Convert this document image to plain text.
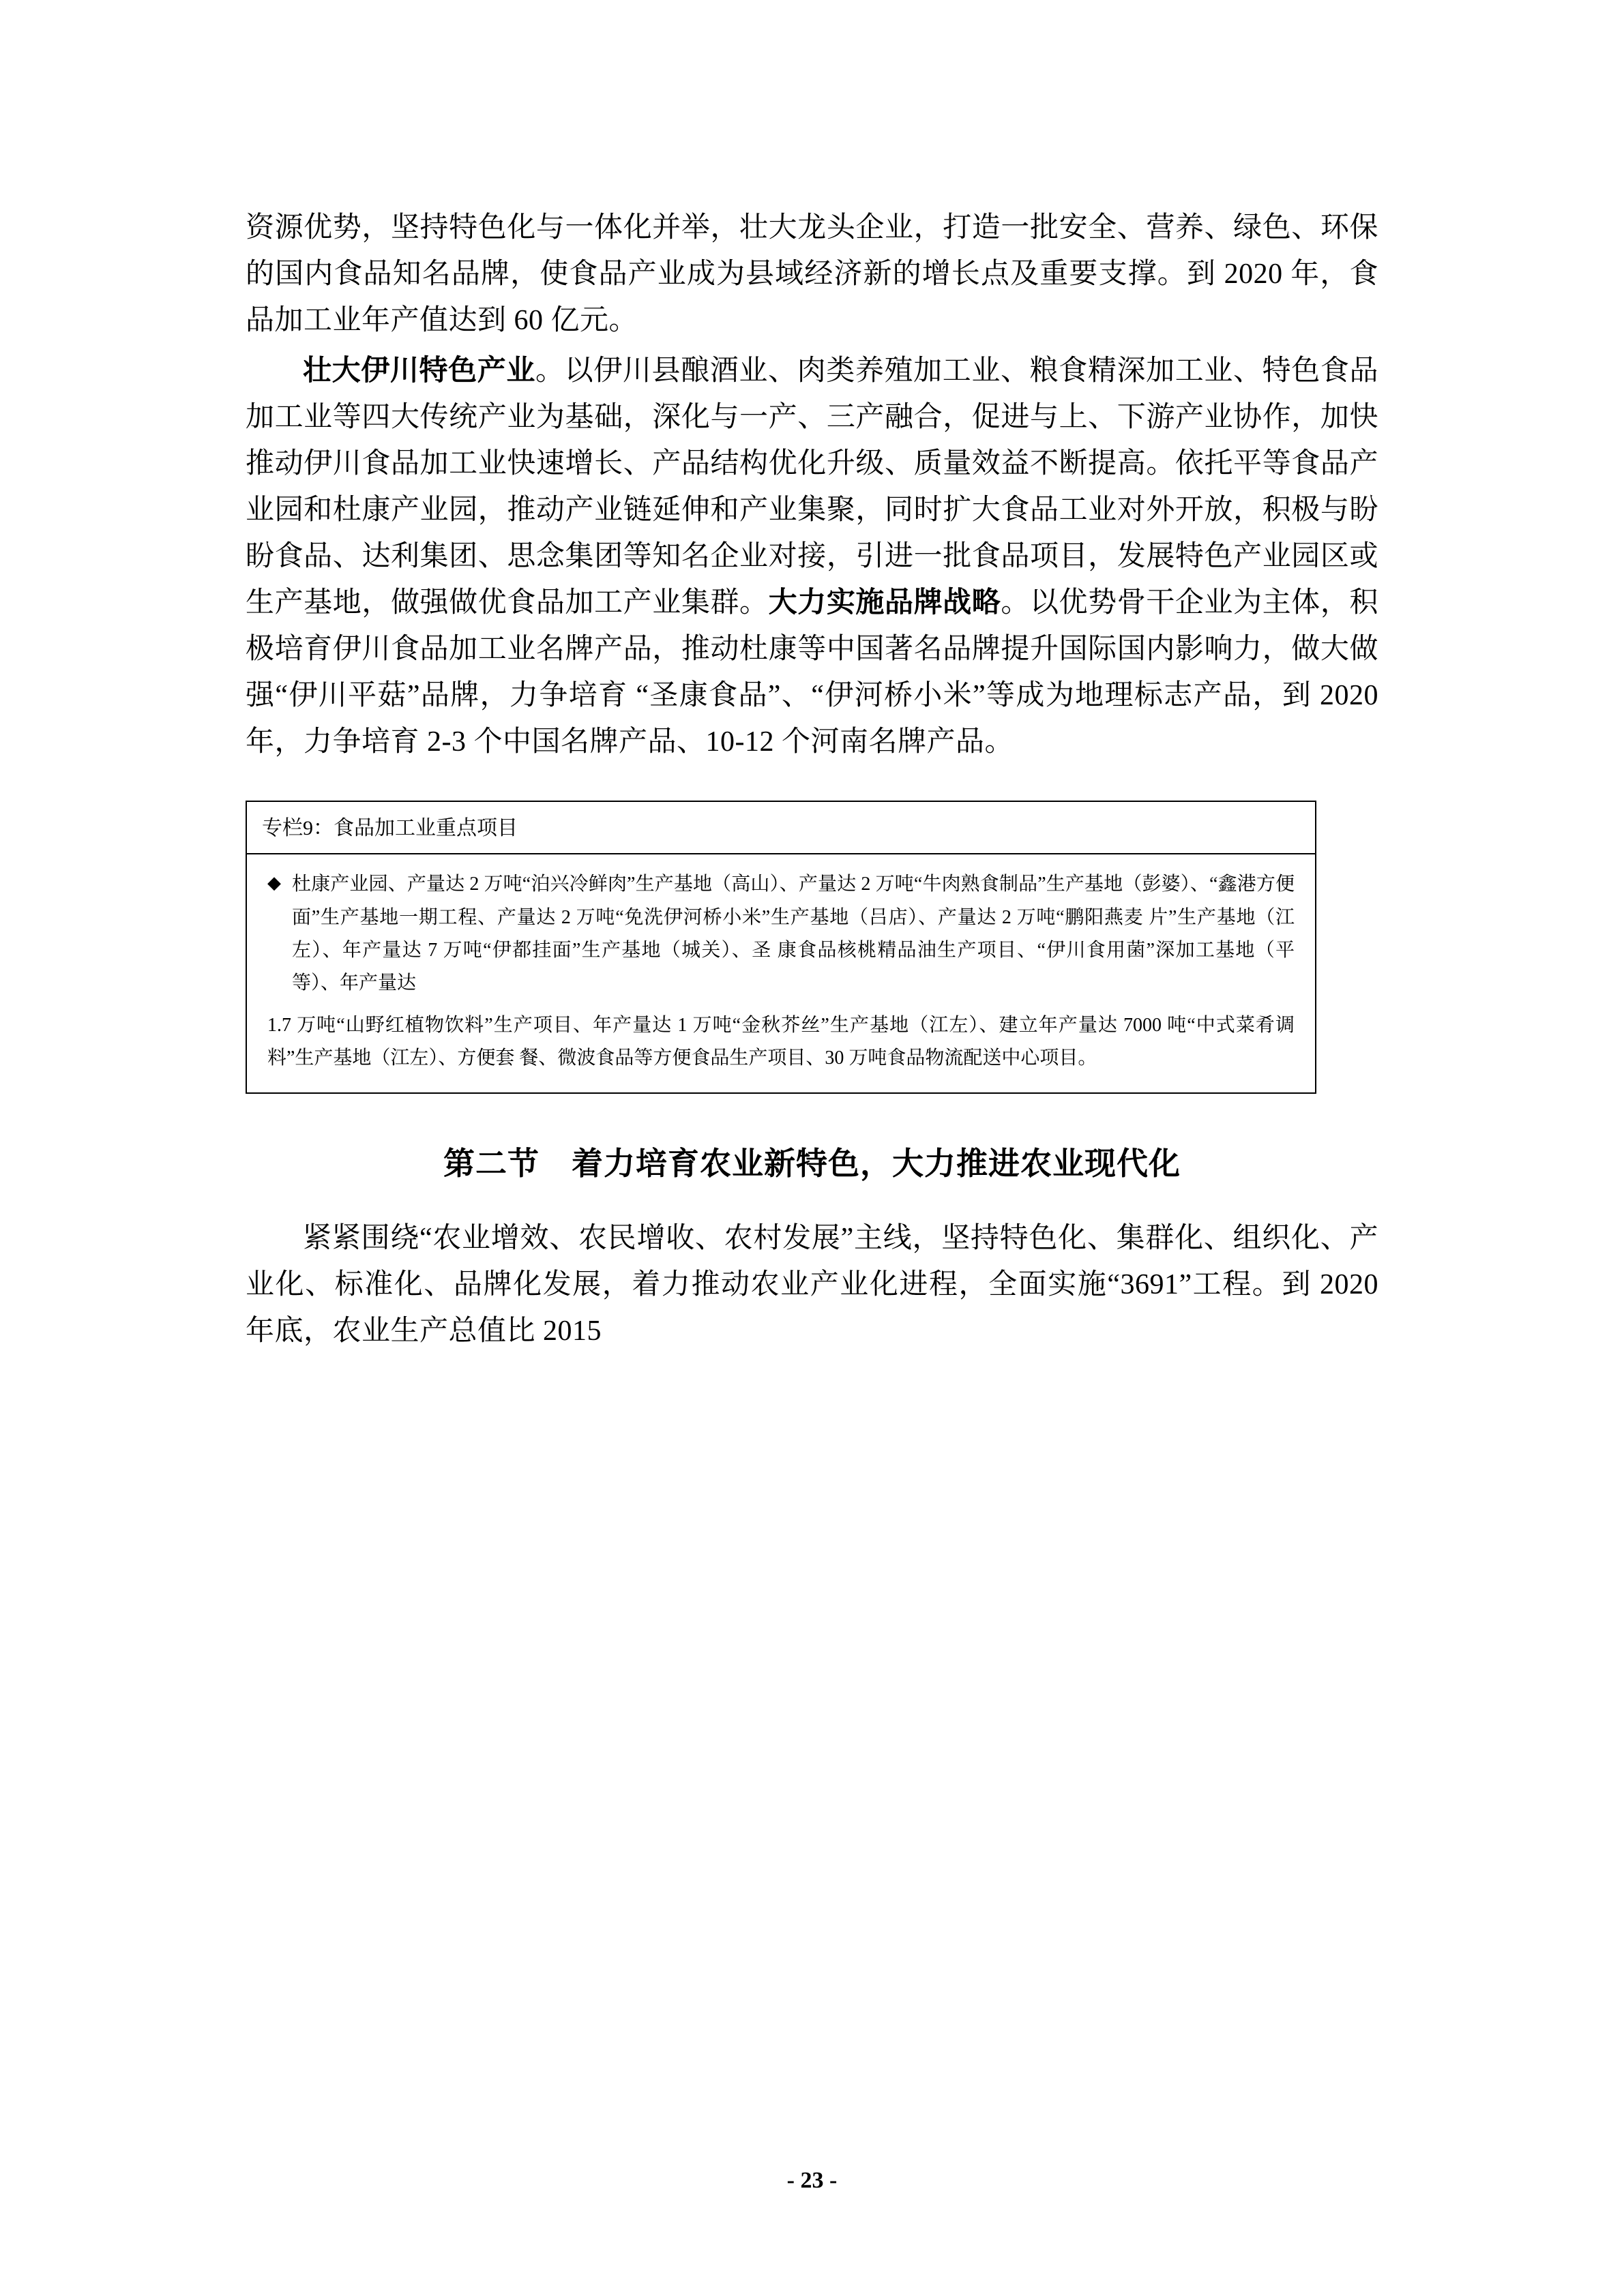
资源优势，坚持特色化与一体化并举，壮大龙头企业，打造一批安全、营养、绿色、环保的国内食品知名品牌，使食品产业成为县域经济新的增长点及重要支撑。到 2020 年，食品加工业年产值达到 60 亿元。

壮大伊川特色产业。以伊川县酿酒业、肉类养殖加工业、粮食精深加工业、特色食品加工业等四大传统产业为基础，深化与一产、三产融合，促进与上、下游产业协作，加快推动伊川食品加工业快速增长、产品结构优化升级、质量效益不断提高。依托平等食品产业园和杜康产业园，推动产业链延伸和产业集聚，同时扩大食品工业对外开放，积极与盼盼食品、达利集团、思念集团等知名企业对接，引进一批食品项目，发展特色产业园区或生产基地，做强做优食品加工产业集群。大力实施品牌战略。以优势骨干企业为主体，积极培育伊川食品加工业名牌产品，推动杜康等中国著名品牌提升国际国内影响力，做大做强“伊川平菇”品牌，力争培育 “圣康食品”、“伊河桥小米”等成为地理标志产品，到 2020 年，力争培育 2-3 个中国名牌产品、10-12 个河南名牌产品。

专栏9：食品加工业重点项目
◆ 杜康产业园、产量达 2 万吨“泊兴冷鲜肉”生产基地（高山）、产量达 2 万吨“牛肉熟食制品”生产基地（彭婆）、“鑫港方便面”生产基地一期工程、产量达 2 万吨“免洗伊河桥小米”生产基地（吕店）、产量达 2 万吨“鹏阳燕麦 片”生产基地（江左）、年产量达 7 万吨“伊都挂面”生产基地（城关）、圣 康食品核桃精品油生产项目、“伊川食用菌”深加工基地（平等）、年产量达
1.7 万吨“山野红植物饮料”生产项目、年产量达 1 万吨“金秋芥丝”生产基地（江左）、建立年产量达 7000 吨“中式菜肴调料”生产基地（江左）、方便套 餐、微波食品等方便食品生产项目、30 万吨食品物流配送中心项目。
第二节　着力培育农业新特色，大力推进农业现代化

紧紧围绕“农业增效、农民增收、农村发展”主线，坚持特色化、集群化、组织化、产业化、标准化、品牌化发展，着力推动农业产业化进程，全面实施“3691”工程。到 2020 年底，农业生产总值比 2015

- 23 -
